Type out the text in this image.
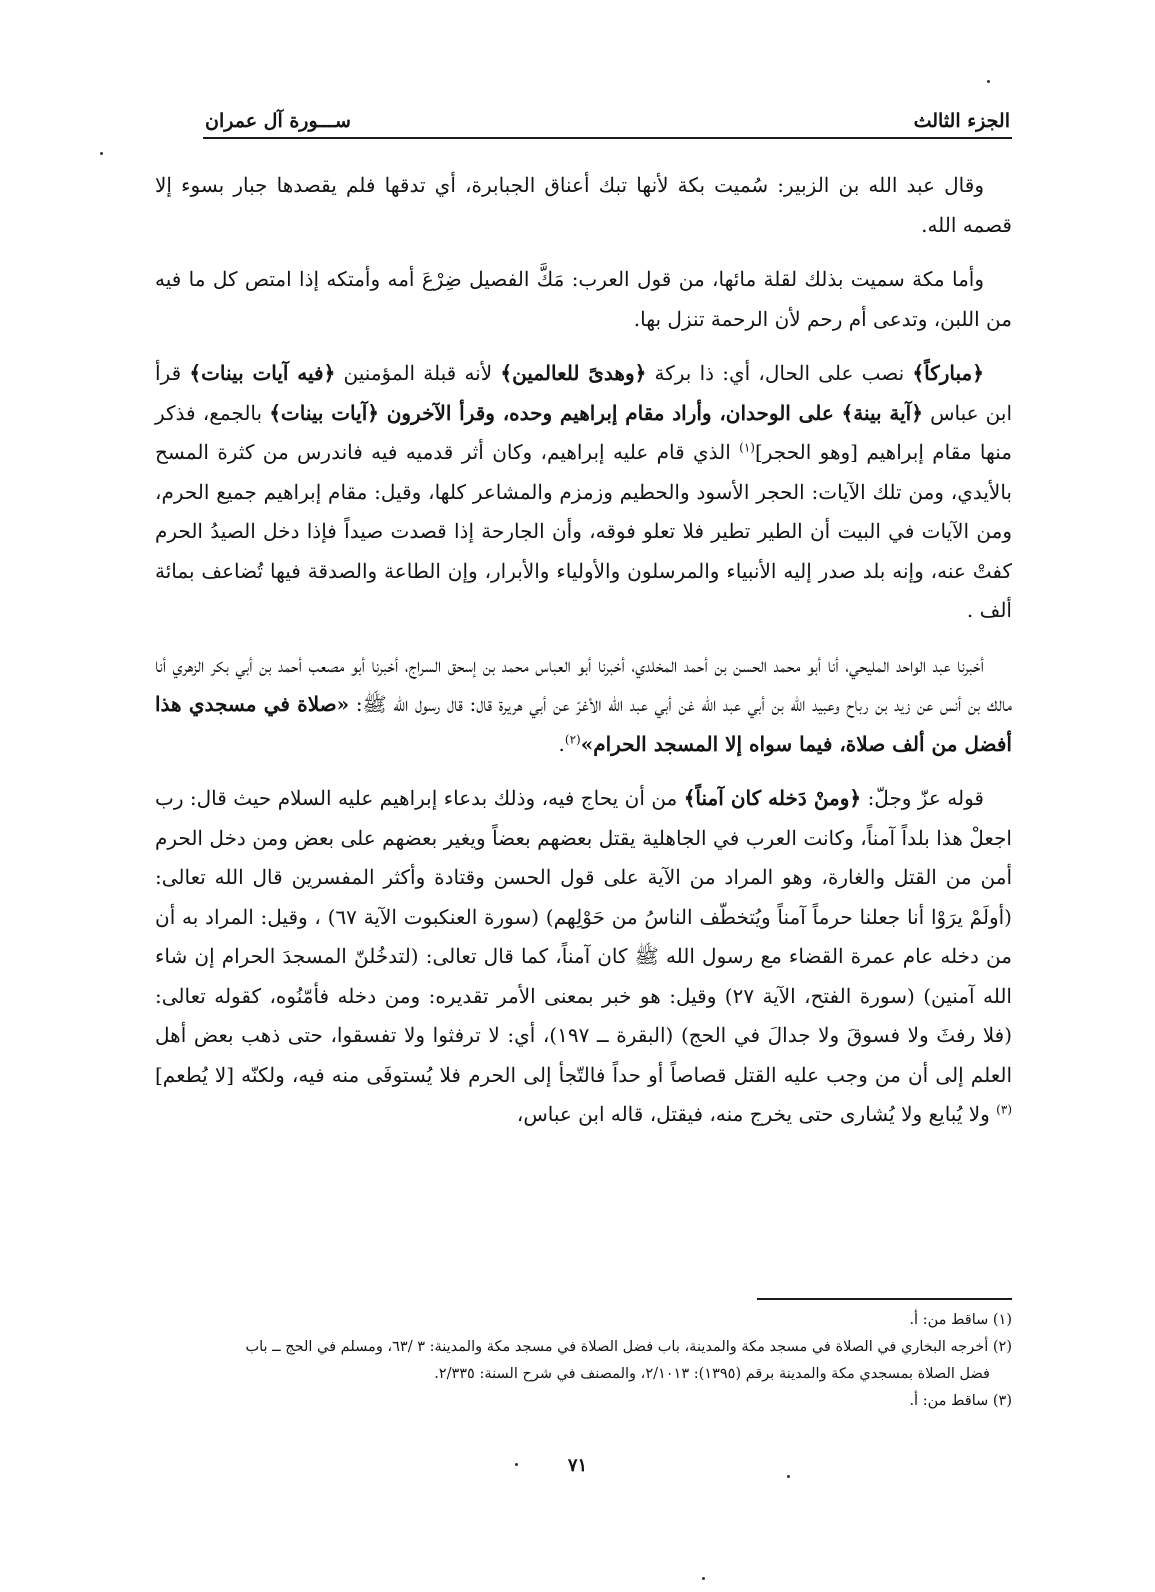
الجزء الثالث
ســـورة آل عمران

وقال عبد الله بن الزبير: سُميت بكة لأنها تبك أعناق الجبابرة، أي تدقها فلم يقصدها جبار بسوء إلا قصمه الله.

وأما مكة سميت بذلك لقلة مائها، من قول العرب: مَكَّ الفصيل ضِرْعَ أمه وأمتكه إذا امتص كل ما فيه من اللبن، وتدعى أم رحم لأن الرحمة تنزل بها.

﴿مباركاً﴾ نصب على الحال، أي: ذا بركة ﴿وهدىً للعالمين﴾ لأنه قبلة المؤمنين ﴿فيه آيات بينات﴾ قرأ ابن عباس ﴿آية بينة﴾ على الوحدان، وأراد مقام إبراهيم وحده، وقرأ الآخرون ﴿آيات بينات﴾ بالجمع، فذكر منها مقام إبراهيم [وهو الحجر]$^{(١)}$ الذي قام عليه إبراهيم، وكان أثر قدميه فيه فاندرس من كثرة المسح بالأيدي، ومن تلك الآيات: الحجر الأسود والحطيم وزمزم والمشاعر كلها، وقيل: مقام إبراهيم جميع الحرم، ومن الآيات في البيت أن الطير تطير فلا تعلو فوقه، وأن الجارحة إذا قصدت صيداً فإذا دخل الصيدُ الحرم كفتْ عنه، وإنه بلد صدر إليه الأنبياء والمرسلون والأولياء والأبرار، وإن الطاعة والصدقة فيها تُضاعف بمائة ألف .

أخبرنا عبد الواحد المليحي، أنا أبو محمد الحسن بن أحمد المخلدي، أخبرنا أبو العباس محمد بن إسحق السراج، أخبرنا أبو مصعب أحمد بن أبي بكر الزهري أنا مالك بن أنس عن زيد بن رباح وعبيد الله بن أبي عبد الله غن أبي عبد الله الأغرّ عن أبي هريرة قال: قال رسول الله ﷺ: «صلاة في مسجدي هذا أفضل من ألف صلاة، فيما سواه إلا المسجد الحرام»$^{(٢)}$.

قوله عزّ وجلّ: ﴿ومنْ دَخله كان آمناً﴾ من أن يحاج فيه، وذلك بدعاء إبراهيم عليه السلام حيث قال: رب اجعلْ هذا بلداً آمناً، وكانت العرب في الجاهلية يقتل بعضهم بعضاً ويغير بعضهم على بعض ومن دخل الحرم أمن من القتل والغارة، وهو المراد من الآية على قول الحسن وقتادة وأكثر المفسرين قال الله تعالى: (أولَمْ يرَوْا أنا جعلنا حرماً آمناً ويُتخطّف الناسُ من حَوْلِهم) (سورة العنكبوت الآية ٦٧) ، وقيل: المراد به أن من دخله عام عمرة القضاء مع رسول الله ﷺ كان آمناً، كما قال تعالى: (لتدخُلنّ المسجدَ الحرام إن شاء الله آمنين) (سورة الفتح، الآية ٢٧) وقيل: هو خبر بمعنى الأمر تقديره: ومن دخله فأمّنُوه، كقوله تعالى: (فلا رفثَ ولا فسوقَ ولا جدالَ في الحج) (البقرة ــ ١٩٧)، أي: لا ترفثوا ولا تفسقوا، حتى ذهب بعض أهل العلم إلى أن من وجب عليه القتل قصاصاً أو حداً فالتّجأ إلى الحرم فلا يُستوفَى منه فيه، ولكنّه [لا يُطعم]$^{(٣)}$ ولا يُبايع ولا يُشارى حتى يخرج منه، فيقتل، قاله ابن عباس،

(١) ساقط من: أ.
(٢) أخرجه البخاري في الصلاة في مسجد مكة والمدينة، باب فضل الصلاة في مسجد مكة والمدينة: ٣ /٦٣، ومسلم في الحج ــ باب
فضل الصلاة بمسجدي مكة والمدينة برقم (١٣٩٥): ٢/١٠١٣، والمصنف في شرح السنة: ٢/٣٣٥.
(٣) ساقط من: أ.
٧١
